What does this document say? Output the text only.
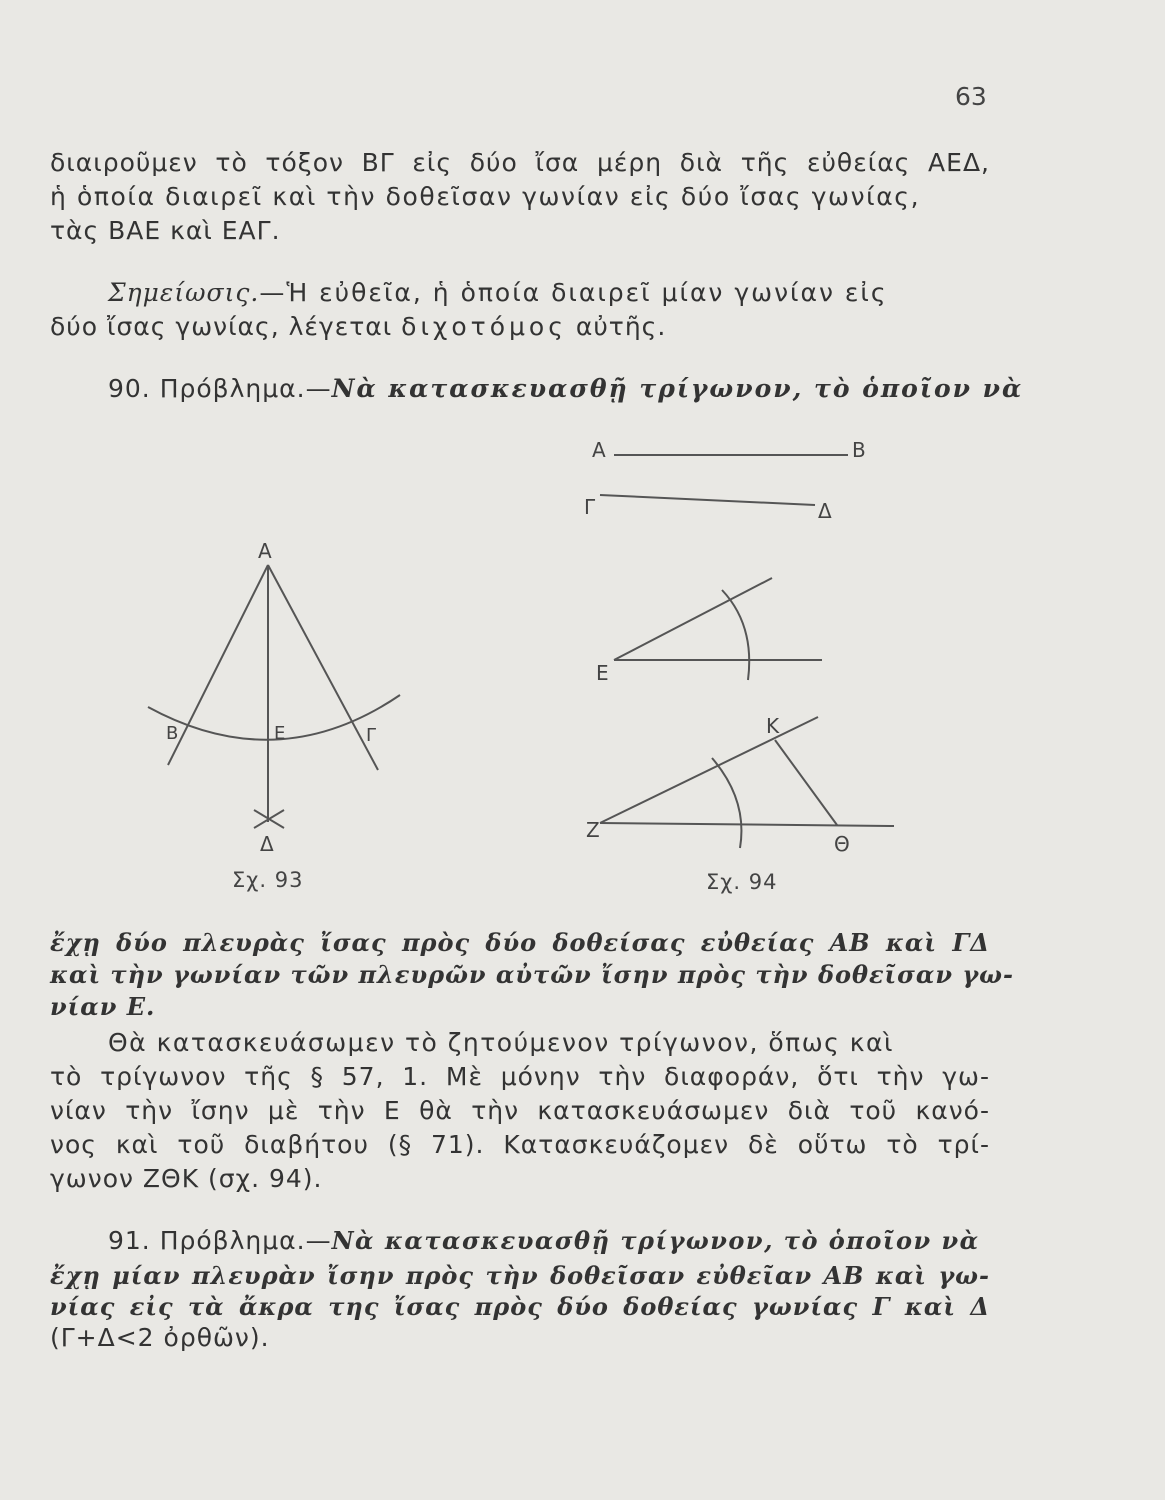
63
διαιροῦμεν τὸ τόξον ΒΓ εἰς δύο ἴσα μέρη διὰ τῆς εὐθείας ΑΕΔ,
ἡ ὁποία διαιρεῖ καὶ τὴν δοθεῖσαν γωνίαν εἰς δύο ἴσας γωνίας,
τὰς ΒΑΕ καὶ ΕΑΓ.
Σημείωσις.—Ἡ εὐθεῖα, ἡ ὁποία διαιρεῖ μίαν γωνίαν εἰς
δύο ἴσας γωνίας, λέγεται διχοτόμος αὐτῆς.
90. Πρόβλημα.—Νὰ κατασκευασθῇ τρίγωνον, τὸ ὁποῖον νὰ
Α
Β	Ε	Γ
Δ
Σχ. 93
Α	Β
Γ	Δ
Ε
Κ
Ζ
Θ
Σχ. 94
ἔχῃ δύο πλευρὰς ἴσας πρὸς δύο δοθείσας εὐθείας ΑΒ καὶ ΓΔ
καὶ τὴν γωνίαν τῶν πλευρῶν αὐτῶν ἴσην πρὸς τὴν δοθεῖσαν γω-
νίαν Ε.
Θὰ κατασκευάσωμεν τὸ ζητούμενον τρίγωνον, ὅπως καὶ
τὸ τρίγωνον τῆς § 57, 1. Μὲ μόνην τὴν διαφοράν, ὅτι τὴν γω-
νίαν τὴν ἴσην μὲ τὴν Ε θὰ τὴν κατασκευάσωμεν διὰ τοῦ κανό-
νος καὶ τοῦ διαβήτου (§ 71). Κατασκευάζομεν δὲ οὕτω τὸ τρί-
γωνον ΖΘΚ (σχ. 94).
91. Πρόβλημα.—Νὰ κατασκευασθῇ τρίγωνον, τὸ ὁποῖον νὰ
ἔχῃ μίαν πλευρὰν ἴσην πρὸς τὴν δοθεῖσαν εὐθεῖαν ΑΒ καὶ γω-
νίας εἰς τὰ ἄκρα της ἴσας πρὸς δύο δοθείας γωνίας Γ καὶ Δ
(Γ+Δ<2 ὀρθῶν).
